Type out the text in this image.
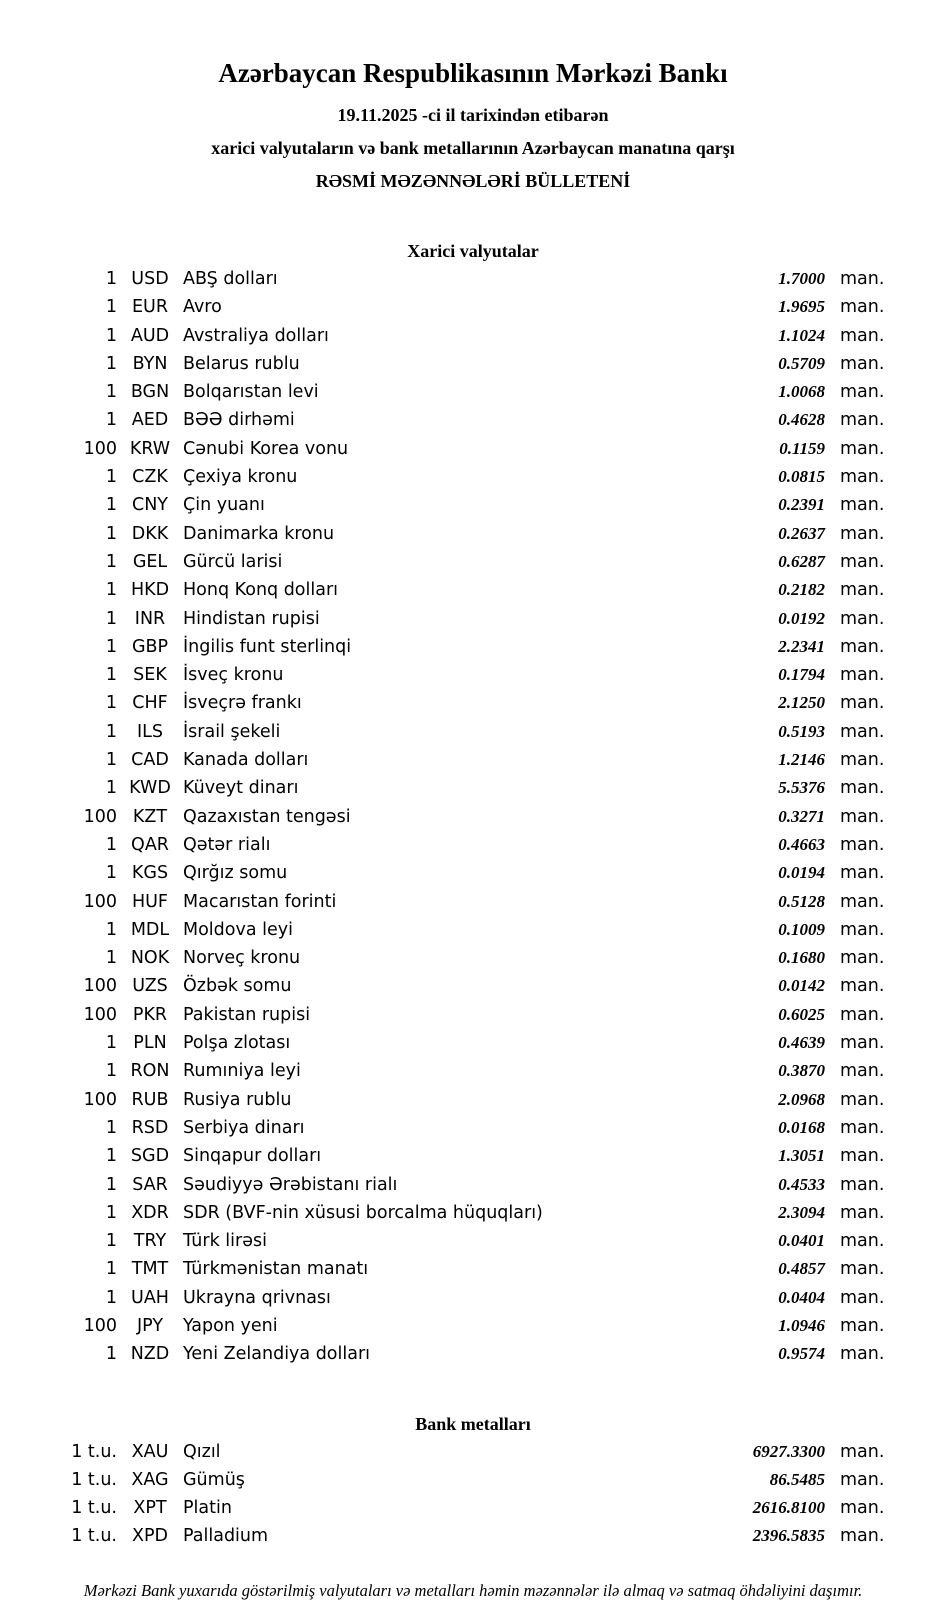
Azərbaycan Respublikasının Mərkəzi Bankı

19.11.2025 -ci il tarixindən etibarən

xarici valyutaların və bank metallarının Azərbaycan manatına qarşı

RƏSMİ MƏZƏNNƏLƏRİ BÜLLETENİ

Xarici valyutalar
1 USD ABŞ dolları	1.7000 man.
1 EUR Avro	1.9695 man.
1 AUD Avstraliya dolları	1.1024 man.
1 BYN Belarus rublu	0.5709 man.
1 BGN Bolqarıstan levi	1.0068 man.
1 AED BƏƏ dirhəmi	0.4628 man.
100 KRW Cənubi Korea vonu	0.1159 man.
1 CZK Çexiya kronu	0.0815 man.
1 CNY Çin yuanı	0.2391 man.
1 DKK Danimarka kronu	0.2637 man.
1 GEL Gürcü larisi	0.6287 man.
1 HKD Honq Konq dolları	0.2182 man.
1	INR	Hindistan rupisi	0.0192 man.
1 GBP İngilis funt sterlinqi	2.2341 man.
1 SEK İsveç kronu	0.1794 man.
1 CHF İsveçrə frankı	2.1250 man.
1	ILS	İsrail şekeli	0.5193 man.
1 CAD Kanada dolları	1.2146 man.
1 KWD Küveyt dinarı	5.5376 man.
100 KZT Qazaxıstan tengəsi	0.3271 man.
1 QAR Qətər rialı	0.4663 man.
1 KGS Qırğız somu	0.0194 man.
100 HUF Macarıstan forinti	0.5128 man.
1 MDL Moldova leyi	0.1009 man.
1 NOK Norveç kronu	0.1680 man.
100 UZS Özbək somu	0.0142 man.
100 PKR Pakistan rupisi	0.6025 man.
1 PLN Polşa zlotası	0.4639 man.
1 RON Rumıniya leyi	0.3870 man.
100 RUB Rusiya rublu	2.0968 man.
1 RSD Serbiya dinarı	0.0168 man.
1 SGD Sinqapur dolları	1.3051 man.
1 SAR Səudiyyə Ərəbistanı rialı	0.4533 man.
1 XDR SDR (BVF-nin xüsusi borcalma hüquqları)	2.3094 man.
1 TRY Türk lirəsi	0.0401 man.
1 TMT Türkmənistan manatı	0.4857 man.
1 UAH Ukrayna qrivnası	0.0404 man.
100	JPY	Yapon yeni	1.0946 man.
1 NZD Yeni Zelandiya dolları	0.9574 man.
Bank metalları
1 t.u. XAU Qızıl	6927.3300 man.
1 t.u. XAG Gümüş	86.5485 man.
1 t.u. XPT Platin	2616.8100 man.
1 t.u. XPD Palladium	2396.5835 man.
Mərkəzi Bank yuxarıda göstərilmiş valyutaları və metalları həmin məzənnələr ilə almaq və satmaq öhdəliyini daşımır.
